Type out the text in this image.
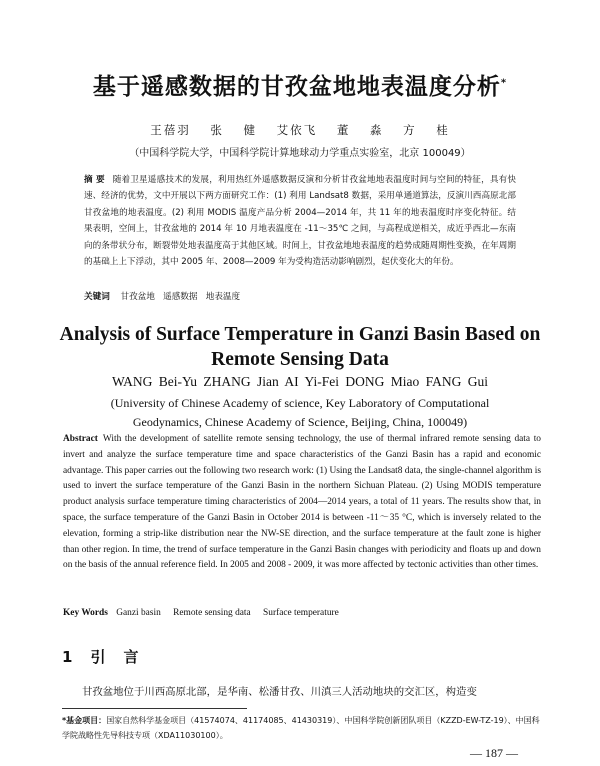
基于遥感数据的甘孜盆地地表温度分析*
王蓓羽 张 健 艾依飞 董 淼 方 桂
（中国科学院大学，中国科学院计算地球动力学重点实验室，北京 100049）
摘 要 随着卫星遥感技术的发展，利用热红外遥感数据反演和分析甘孜盆地地表温度时间与空间的特征，具有快速、经济的优势，文中开展以下两方面研究工作：(1) 利用 Landsat8 数据，采用单通道算法，反演川西高原北部甘孜盆地的地表温度。(2) 利用 MODIS 温度产品分析 2004—2014 年，共 11 年的地表温度时序变化特征。结果表明，空间上，甘孜盆地的 2014 年 10 月地表温度在 -11～35℃ 之间，与高程成逆相关，成近乎西北—东南向的条带状分布，断裂带处地表温度高于其他区域。时间上，甘孜盆地地表温度的趋势成随周期性变换，在年周期的基础上上下浮动，其中 2005 年、2008—2009 年为受构造活动影响剧烈，起伏变化大的年份。
关键词 甘孜盆地 遥感数据 地表温度
Analysis of Surface Temperature in Ganzi Basin Based on Remote Sensing Data
WANG Bei-Yu ZHANG Jian AI Yi-Fei DONG Miao FANG Gui
(University of Chinese Academy of science, Key Laboratory of Computational Geodynamics, Chinese Academy of Science, Beijing, China, 100049)
Abstract With the development of satellite remote sensing technology, the use of thermal infrared remote sensing data to invert and analyze the surface temperature time and space characteristics of the Ganzi Basin has a rapid and economic advantage. This paper carries out the following two research work: (1) Using the Landsat8 data, the single-channel algorithm is used to invert the surface temperature of the Ganzi Basin in the northern Sichuan Plateau. (2) Using MODIS temperature product analysis surface temperature timing characteristics of 2004—2014 years, a total of 11 years. The results show that, in space, the surface temperature of the Ganzi Basin in October 2014 is between -11～35 °C, which is inversely related to the elevation, forming a strip-like distribution near the NW-SE direction, and the surface temperature at the fault zone is higher than other region. In time, the trend of surface temperature in the Ganzi Basin changes with periodicity and floats up and down on the basis of the annual reference field. In 2005 and 2008 - 2009, it was more affected by tectonic activities than other times.
Key Words Ganzi basin Remote sensing data Surface temperature
1 引言
甘孜盆地位于川西高原北部，是华南、松潘甘孜、川滇三人活动地块的交汇区，构造变
*基金项目：国家自然科学基金项目（41574074、41174085、41430319）、中国科学院创新团队项目（KZZD-EW-TZ-19）、中国科学院战略性先导科技专项（XDA11030100）。
— 187 —
